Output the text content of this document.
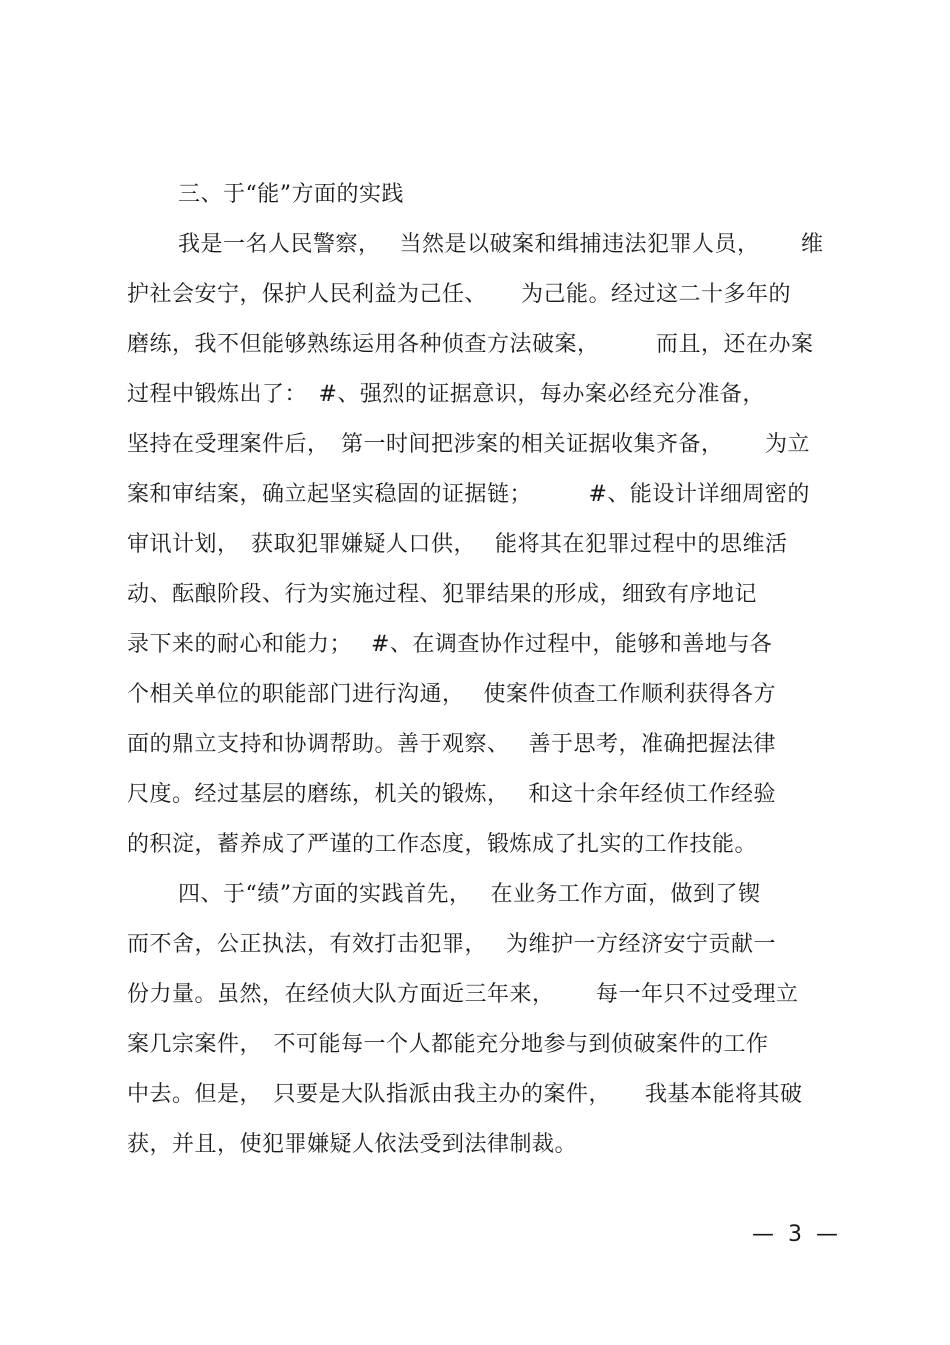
三、于“能”方面的实践
我是一名人民警察，　 当然是以破案和缉捕违法犯罪人员，　　 维
护社会安宁，保护人民利益为己任、　　为己能。经过这二十多年的
磨练，我不但能够熟练运用各种侦查方法破案，　　　而且，还在办案
过程中锻炼出了：　#、强烈的证据意识，每办案必经充分准备，
坚持在受理案件后，　第一时间把涉案的相关证据收集齐备，　　 为立
案和审结案，确立起坚实稳固的证据链；　　　#、能设计详细周密的
审讯计划，　获取犯罪嫌疑人口供，　 能将其在犯罪过程中的思维活
动、酝酿阶段、行为实施过程、犯罪结果的形成，细致有序地记
录下来的耐心和能力；　 #、在调查协作过程中，能够和善地与各
个相关单位的职能部门进行沟通，　 使案件侦查工作顺利获得各方
面的鼎立支持和协调帮助。善于观察、　 善于思考，准确把握法律
尺度。经过基层的磨练，机关的锻炼，　 和这十余年经侦工作经验
的积淀，蓄养成了严谨的工作态度，锻炼成了扎实的工作技能。
四、于“绩”方面的实践首先，　 在业务工作方面，做到了锲
而不舍，公正执法，有效打击犯罪，　 为维护一方经济安宁贡献一
份力量。虽然，在经侦大队方面近三年来，　　 每一年只不过受理立
案几宗案件，　不可能每一个人都能充分地参与到侦破案件的工作
中去。但是，　只要是大队指派由我主办的案件，　　我基本能将其破
获，并且，使犯罪嫌疑人依法受到法律制裁。
—  3  —
